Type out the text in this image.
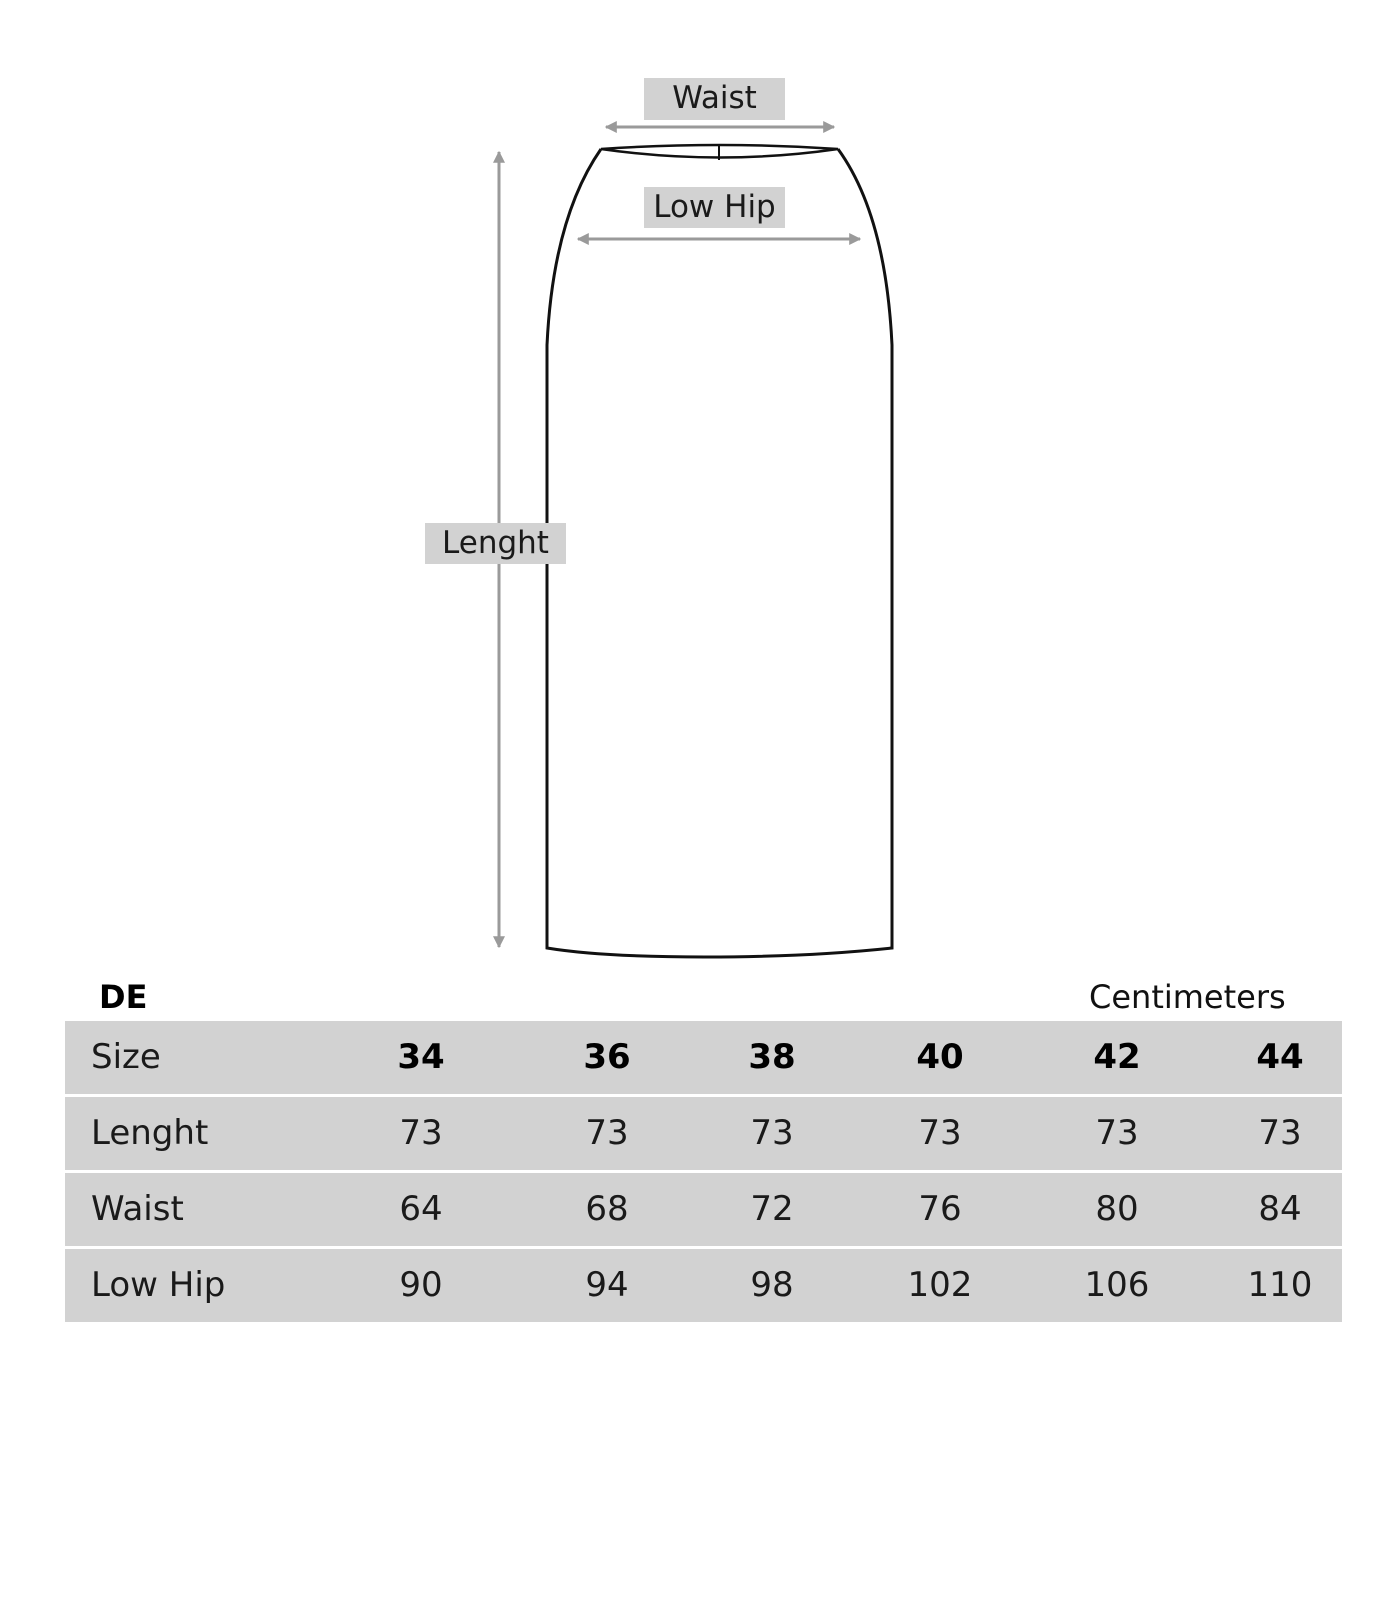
Waist
Low Hip
Lenght
DE	Centimeters
Size	34	36	38	40	42	44
Lenght	73	73	73	73	73	73
Waist	64	68	72	76	80	84
Low Hip	90	94	98	102	106	110
